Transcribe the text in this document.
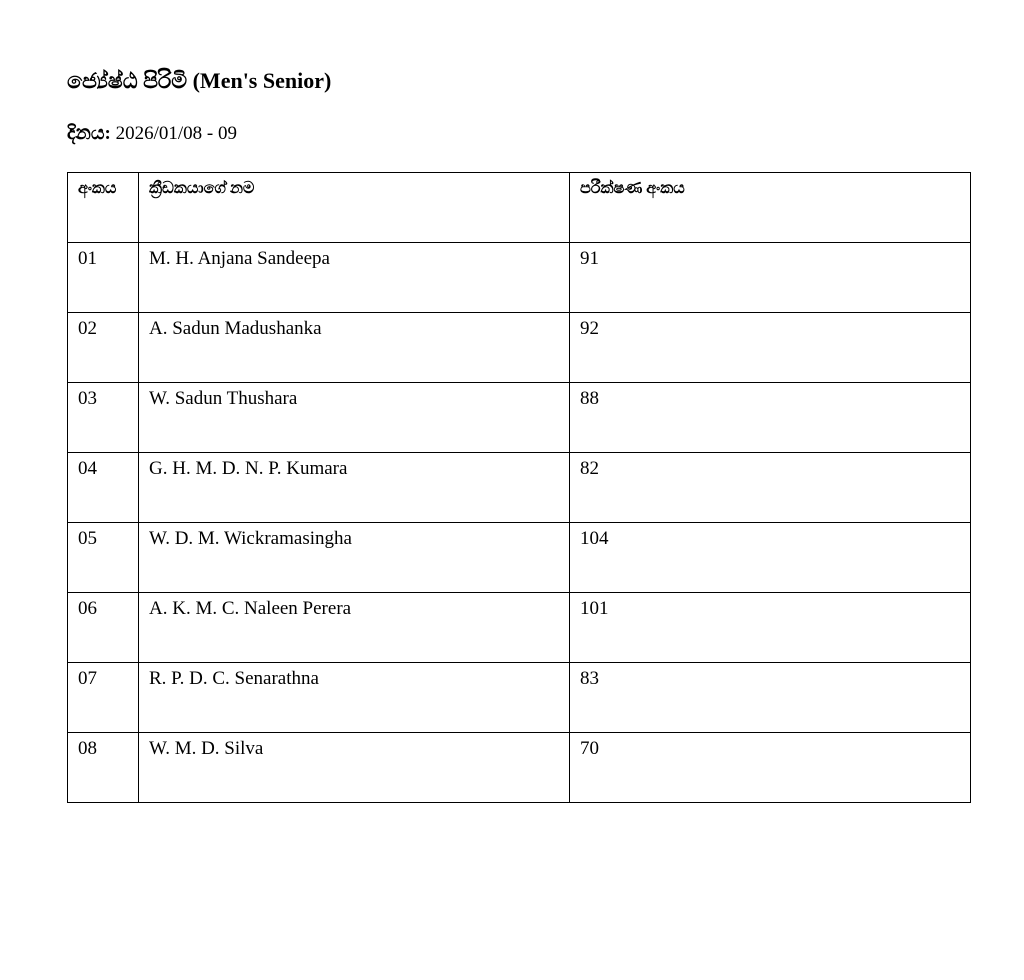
ජ්‍යේෂ්ඨ පිරිමි (Men's Senior)
දිනය: 2026/01/08 - 09
අංකය	ක්‍රීඩකයාගේ නම	පරීක්ෂණ අංකය
01	M. H. Anjana Sandeepa	91
02	A. Sadun Madushanka	92
03	W. Sadun Thushara	88
04	G. H. M. D. N. P. Kumara	82
05	W. D. M. Wickramasingha	104
06	A. K. M. C. Naleen Perera	101
07	R. P. D. C. Senarathna	83
08	W. M. D. Silva	70
